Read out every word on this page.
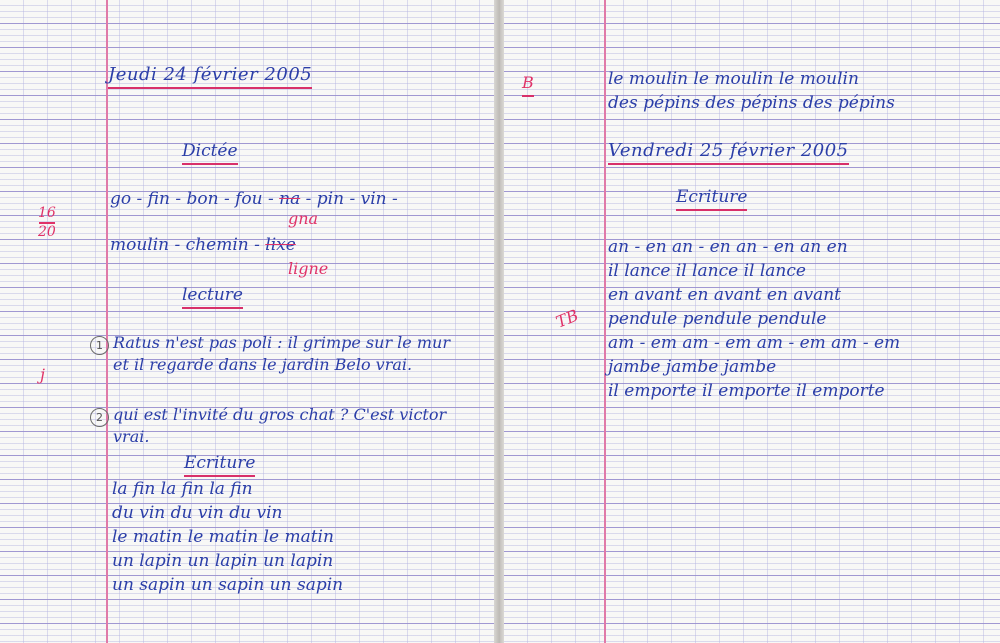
Jeudi 24 février 2005
Dictée
go - fin - bon - fou - na - pin - vin -
gna
moulin - chemin - lixe
ligne
16
20
lecture
1 Ratus n'est pas poli : il grimpe sur le mur
et il regarde dans le jardin Belo vrai.
j
2 qui est l'invité du gros chat ? C'est victor
vrai.
Ecriture
la fin la fin la fin
du vin du vin du vin
le matin le matin le matin
un lapin un lapin un lapin
un sapin un sapin un sapin
B	le moulin le moulin le moulin
des pépins des pépins des pépins
Vendredi 25 février 2005
Ecriture
TB
an - en an - en an - en an en
il lance il lance il lance
en avant en avant en avant
pendule pendule pendule
am - em am - em am - em am - em
jambe jambe jambe
il emporte il emporte il emporte
